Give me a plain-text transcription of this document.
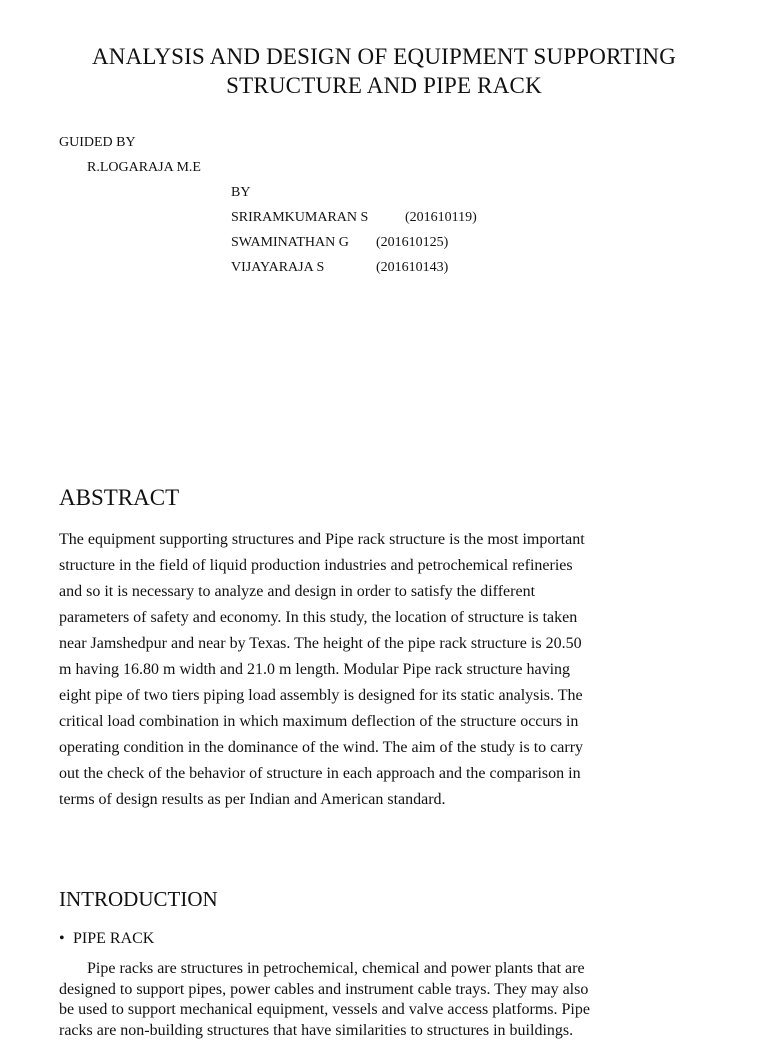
ANALYSIS AND DESIGN OF EQUIPMENT SUPPORTING
STRUCTURE AND PIPE RACK
GUIDED BY
R.LOGARAJA M.E
BY
SRIRAMKUMARAN S	(201610119)
SWAMINATHAN G (201610125)
VIJAYARAJA S	(201610143)
ABSTRACT
The equipment supporting structures and Pipe rack structure is the most important
structure in the field of liquid production industries and petrochemical refineries
and so it is necessary to analyze and design in order to satisfy the different
parameters of safety and economy. In this study, the location of structure is taken
near Jamshedpur and near by Texas. The height of the pipe rack structure is 20.50
m having 16.80 m width and 21.0 m length. Modular Pipe rack structure having
eight pipe of two tiers piping load assembly is designed for its static analysis. The
critical load combination in which maximum deflection of the structure occurs in
operating condition in the dominance of the wind. The aim of the study is to carry
out the check of the behavior of structure in each approach and the comparison in
terms of design results as per Indian and American standard.
INTRODUCTION
• PIPE RACK
Pipe racks are structures in petrochemical, chemical and power plants that are
designed to support pipes, power cables and instrument cable trays. They may also
be used to support mechanical equipment, vessels and valve access platforms. Pipe
racks are non-building structures that have similarities to structures in buildings.
